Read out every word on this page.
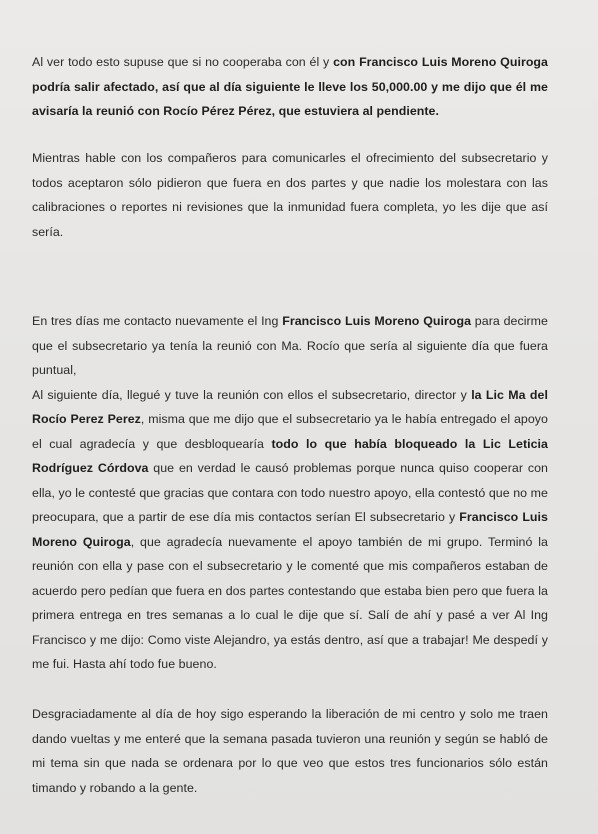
Al ver todo esto supuse que si no cooperaba con él y con Francisco Luis Moreno Quiroga podría salir afectado, así que al día siguiente le lleve los 50,000.00 y me dijo que él me avisaría la reunió con Rocío Pérez Pérez, que estuviera al pendiente.

Mientras hable con los compañeros para comunicarles el ofrecimiento del subsecretario y todos aceptaron sólo pidieron que fuera en dos partes y que nadie los molestara con las calibraciones o reportes ni revisiones que la inmunidad fuera completa, yo les dije que así sería.

En tres días me contacto nuevamente el Ing Francisco Luis Moreno Quiroga para decirme que el subsecretario ya tenía la reunió con Ma. Rocío que sería al siguiente día que fuera puntual,
Al siguiente día, llegué y tuve la reunión con ellos el subsecretario, director y la Lic Ma del Rocío Perez Perez, misma que me dijo que el subsecretario ya le había entregado el apoyo el cual agradecía y que desbloquearía todo lo que había bloqueado la Lic Leticia Rodríguez Córdova que en verdad le causó problemas porque nunca quiso cooperar con ella, yo le contesté que gracias que contara con todo nuestro apoyo, ella contestó que no me preocupara, que a partir de ese día mis contactos serían El subsecretario y Francisco Luis Moreno Quiroga, que agradecía nuevamente el apoyo también de mi grupo. Terminó la reunión con ella y pase con el subsecretario y le comenté que mis compañeros estaban de acuerdo pero pedían que fuera en dos partes contestando que estaba bien pero que fuera la primera entrega en tres semanas a lo cual le dije que sí. Salí de ahí y pasé a ver Al Ing Francisco y me dijo: Como viste Alejandro, ya estás dentro, así que a trabajar! Me despedí y me fui. Hasta ahí todo fue bueno.

Desgraciadamente al día de hoy sigo esperando la liberación de mi centro y solo me traen dando vueltas y me enteré que la semana pasada tuvieron una reunión y según se habló de mi tema sin que nada se ordenara por lo que veo que estos tres funcionarios sólo están timando y robando a la gente.
